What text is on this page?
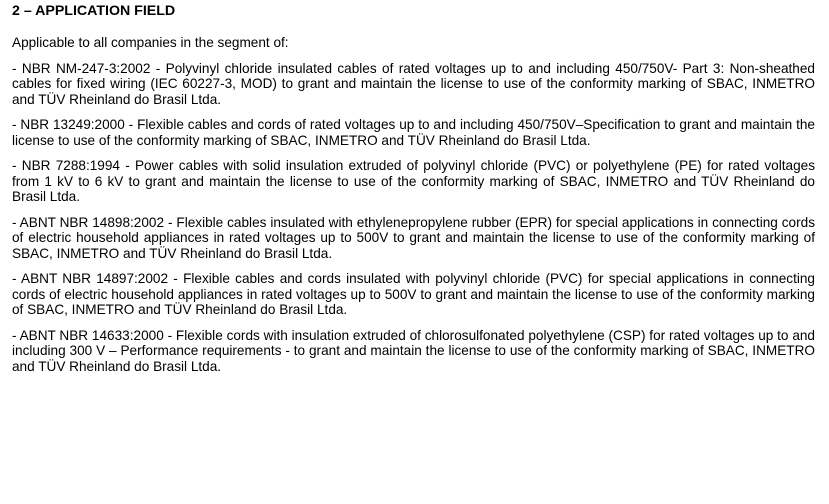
2 – APPLICATION FIELD
Applicable to all companies in the segment of:
- NBR NM-247-3:2002 - Polyvinyl chloride insulated cables of rated voltages up to and including 450/750V- Part 3: Non-sheathed cables for fixed wiring (IEC 60227-3, MOD) to grant and maintain the license to use of the conformity marking of SBAC, INMETRO and TÜV Rheinland do Brasil Ltda.
- NBR 13249:2000 - Flexible cables and cords of rated voltages up to and including 450/750V–Specification to grant and maintain the license to use of the conformity marking of SBAC, INMETRO and TÜV Rheinland do Brasil Ltda.
- NBR 7288:1994 - Power cables with solid insulation extruded of polyvinyl chloride (PVC) or polyethylene (PE) for rated voltages from 1 kV to 6 kV to grant and maintain the license to use of the conformity marking of SBAC, INMETRO and TÜV Rheinland do Brasil Ltda.
- ABNT NBR 14898:2002 - Flexible cables insulated with ethylenepropylene rubber (EPR) for special applications in connecting cords of electric household appliances in rated voltages up to 500V to grant and maintain the license to use of the conformity marking of SBAC, INMETRO and TÜV Rheinland do Brasil Ltda.
- ABNT NBR 14897:2002 - Flexible cables and cords insulated with polyvinyl chloride (PVC) for special applications in connecting cords of electric household appliances in rated voltages up to 500V to grant and maintain the license to use of the conformity marking of SBAC, INMETRO and TÜV Rheinland do Brasil Ltda.
- ABNT NBR 14633:2000 - Flexible cords with insulation extruded of chlorosulfonated polyethylene (CSP) for rated voltages up to and including 300 V – Performance requirements - to grant and maintain the license to use of the conformity marking of SBAC, INMETRO and TÜV Rheinland do Brasil Ltda.
